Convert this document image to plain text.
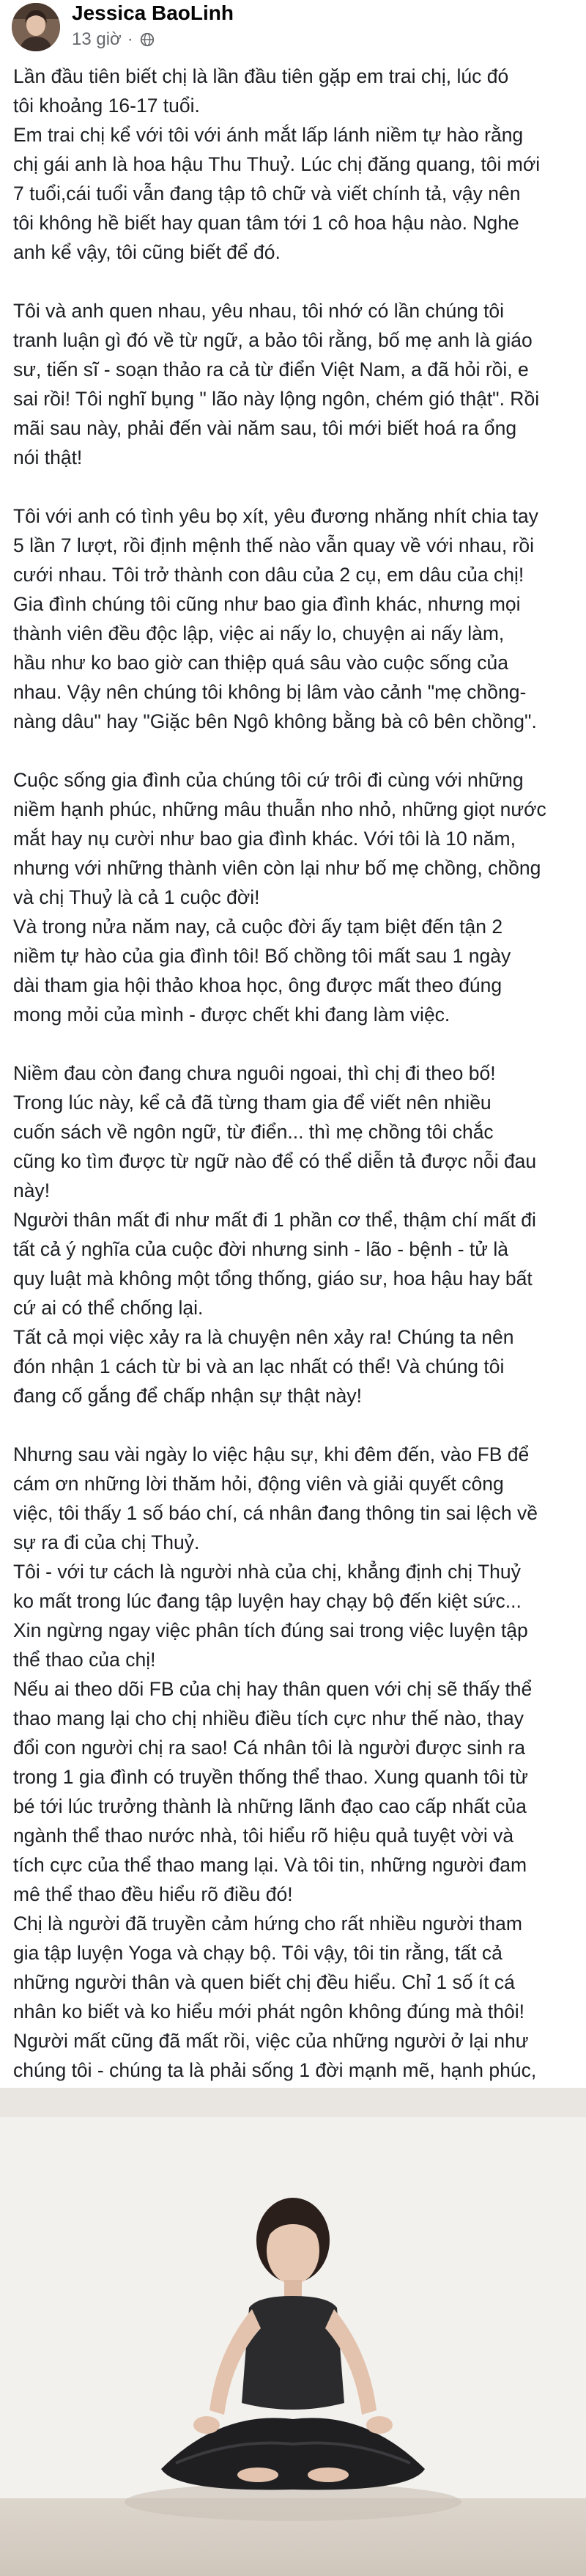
Jessica BaoLinh
13 giờ ·

Lần đầu tiên biết chị là lần đầu tiên gặp em trai chị, lúc đó
tôi khoảng 16-17 tuổi.
Em trai chị kể với tôi với ánh mắt lấp lánh niềm tự hào rằng
chị gái anh là hoa hậu Thu Thuỷ. Lúc chị đăng quang, tôi mới
7 tuổi,cái tuổi vẫn đang tập tô chữ và viết chính tả, vậy nên
tôi không hề biết hay quan tâm tới 1 cô hoa hậu nào. Nghe
anh kể vậy, tôi cũng biết để đó.

Tôi và anh quen nhau, yêu nhau, tôi nhớ có lần chúng tôi
tranh luận gì đó về từ ngữ, a bảo tôi rằng, bố mẹ anh là giáo
sư, tiến sĩ - soạn thảo ra cả từ điển Việt Nam, a đã hỏi rồi, e
sai rồi! Tôi nghĩ bụng " lão này lộng ngôn, chém gió thật". Rồi
mãi sau này, phải đến vài năm sau, tôi mới biết hoá ra ổng
nói thật!

Tôi với anh có tình yêu bọ xít, yêu đương nhăng nhít chia tay
5 lần 7 lượt, rồi định mệnh thế nào vẫn quay về với nhau, rồi
cưới nhau. Tôi trở thành con dâu của 2 cụ, em dâu của chị!
Gia đình chúng tôi cũng như bao gia đình khác, nhưng mọi
thành viên đều độc lập, việc ai nấy lo, chuyện ai nấy làm,
hầu như ko bao giờ can thiệp quá sâu vào cuộc sống của
nhau. Vậy nên chúng tôi không bị lâm vào cảnh "mẹ chồng-
nàng dâu" hay "Giặc bên Ngô không bằng bà cô bên chồng".

Cuộc sống gia đình của chúng tôi cứ trôi đi cùng với những
niềm hạnh phúc, những mâu thuẫn nho nhỏ, những giọt nước
mắt hay nụ cười như bao gia đình khác. Với tôi là 10 năm,
nhưng với những thành viên còn lại như bố mẹ chồng, chồng
và chị Thuỷ là cả 1 cuộc đời!
Và trong nửa năm nay, cả cuộc đời ấy tạm biệt đến tận 2
niềm tự hào của gia đình tôi! Bố chồng tôi mất sau 1 ngày
dài tham gia hội thảo khoa học, ông được mất theo đúng
mong mỏi của mình - được chết khi đang làm việc.

Niềm đau còn đang chưa nguôi ngoai, thì chị đi theo bố!
Trong lúc này, kể cả đã từng tham gia để viết nên nhiều
cuốn sách về ngôn ngữ, từ điển... thì mẹ chồng tôi chắc
cũng ko tìm được từ ngữ nào để có thể diễn tả được nỗi đau
này!
Người thân mất đi như mất đi 1 phần cơ thể, thậm chí mất đi
tất cả ý nghĩa của cuộc đời nhưng sinh - lão - bệnh - tử là
quy luật mà không một tổng thống, giáo sư, hoa hậu hay bất
cứ ai có thể chống lại.
Tất cả mọi việc xảy ra là chuyện nên xảy ra! Chúng ta nên
đón nhận 1 cách từ bi và an lạc nhất có thể! Và chúng tôi
đang cố gắng để chấp nhận sự thật này!

Nhưng sau vài ngày lo việc hậu sự, khi đêm đến, vào FB để
cám ơn những lời thăm hỏi, động viên và giải quyết công
việc, tôi thấy 1 số báo chí, cá nhân đang thông tin sai lệch về
sự ra đi của chị Thuỷ.
Tôi - với tư cách là người nhà của chị, khẳng định chị Thuỷ
ko mất trong lúc đang tập luyện hay chạy bộ đến kiệt sức...
Xin ngừng ngay việc phân tích đúng sai trong việc luyện tập
thể thao của chị!
Nếu ai theo dõi FB của chị hay thân quen với chị sẽ thấy thể
thao mang lại cho chị nhiều điều tích cực như thế nào, thay
đổi con người chị ra sao! Cá nhân tôi là người được sinh ra
trong 1 gia đình có truyền thống thể thao. Xung quanh tôi từ
bé tới lúc trưởng thành là những lãnh đạo cao cấp nhất của
ngành thể thao nước nhà, tôi hiểu rõ hiệu quả tuyệt vời và
tích cực của thể thao mang lại. Và tôi tin, những người đam
mê thể thao đều hiểu rõ điều đó!
Chị là người đã truyền cảm hứng cho rất nhiều người tham
gia tập luyện Yoga và chạy bộ. Tôi vậy, tôi tin rằng, tất cả
những người thân và quen biết chị đều hiểu. Chỉ 1 số ít cá
nhân ko biết và ko hiểu mới phát ngôn không đúng mà thôi!
Người mất cũng đã mất rồi, việc của những người ở lại như
chúng tôi - chúng ta là phải sống 1 đời mạnh mẽ, hạnh phúc,
